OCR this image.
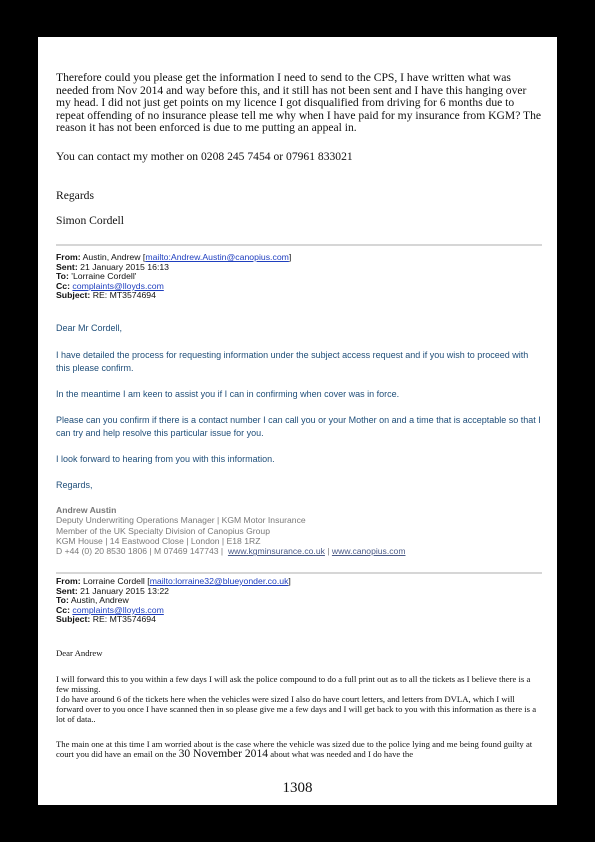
Therefore could you please get the information I need to send to the CPS, I have written what was needed from Nov 2014 and way before this, and it still has not been sent and I have this hanging over my head. I did not just get points on my licence I got disqualified from driving for 6 months due to repeat offending of no insurance please tell me why when I have paid for my insurance from KGM? The reason it has not been enforced is due to me putting an appeal in.
You can contact my mother on 0208 245 7454 or 07961 833021
Regards
Simon Cordell
From: Austin, Andrew [mailto:Andrew.Austin@canopius.com]
Sent: 21 January 2015 16:13
To: 'Lorraine Cordell'
Cc: complaints@lloyds.com
Subject: RE: MT3574694
Dear Mr Cordell,
I have detailed the process for requesting information under the subject access request and if you wish to proceed with this please confirm.
In the meantime I am keen to assist you if I can in confirming when cover was in force.
Please can you confirm if there is a contact number I can call you or your Mother on and a time that is acceptable so that I can try and help resolve this particular issue for you.
I look forward to hearing from you with this information.
Regards,
Andrew Austin
Deputy Underwriting Operations Manager | KGM Motor Insurance
Member of the UK Specialty Division of Canopius Group
KGM House | 14 Eastwood Close | London | E18 1RZ
D +44 (0) 20 8530 1806 | M 07469 147743 | www.kgminsurance.co.uk | www.canopius.com
From: Lorraine Cordell [mailto:lorraine32@blueyonder.co.uk]
Sent: 21 January 2015 13:22
To: Austin, Andrew
Cc: complaints@lloyds.com
Subject: RE: MT3574694
Dear Andrew
I will forward this to you within a few days I will ask the police compound to do a full print out as to all the tickets as I believe there is a few missing.
I do have around 6 of the tickets here when the vehicles were sized I also do have court letters, and letters from DVLA, which I will forward over to you once I have scanned then in so please give me a few days and I will get back to you with this information as there is a lot of data..
The main one at this time I am worried about is the case where the vehicle was sized due to the police lying and me being found guilty at court you did have an email on the 30 November 2014 about what was needed and I do have the
1308
